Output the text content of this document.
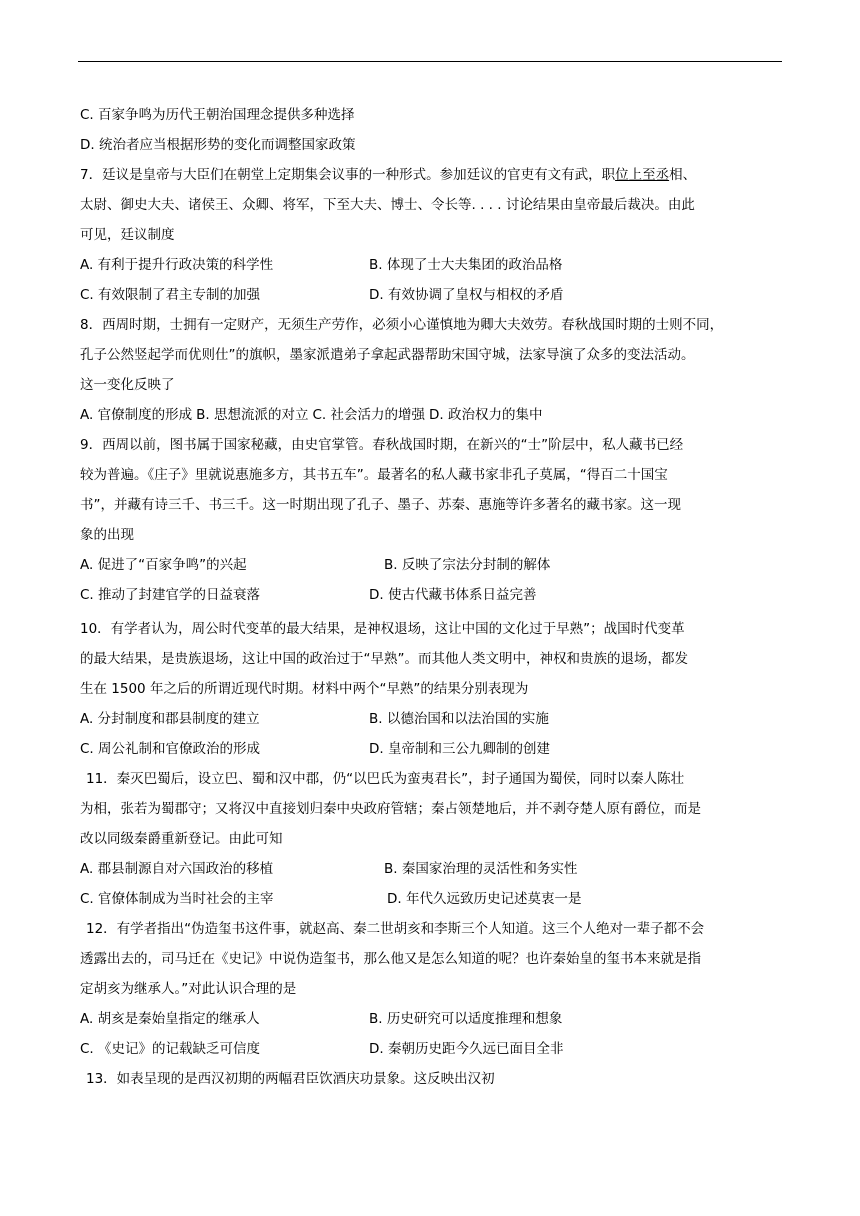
C. 百家争鸣为历代王朝治国理念提供多种选择
D. 统治者应当根据形势的变化而调整国家政策
7．廷议是皇帝与大臣们在朝堂上定期集会议事的一种形式。参加廷议的官吏有文有武，职位上至丞相、
太尉、御史大夫、诸侯王、众卿、将军，下至大夫、博士、令长等. . . . 讨论结果由皇帝最后裁决。由此
可见，廷议制度
A. 有利于提升行政决策的科学性	B. 体现了士大夫集团的政治品格
C. 有效限制了君主专制的加强	D. 有效协调了皇权与相权的矛盾
8．西周时期，士拥有一定财产，无须生产劳作，必须小心谨慎地为卿大夫效劳。春秋战国时期的士则不同，
孔子公然竖起学而优则仕”的旗帜，墨家派遣弟子拿起武器帮助宋国守城，法家导演了众多的变法活动。
这一变化反映了
A. 官僚制度的形成 B. 思想流派的对立 C. 社会活力的增强 D. 政治权力的集中
9．西周以前，图书属于国家秘藏，由史官掌管。春秋战国时期，在新兴的“士”阶层中，私人藏书已经
较为普遍。《庄子》里就说惠施多方，其书五车”。最著名的私人藏书家非孔子莫属，“得百二十国宝
书”，并藏有诗三千、书三千。这一时期出现了孔子、墨子、苏秦、惠施等许多著名的藏书家。这一现
象的出现
A. 促进了“百家争鸣”的兴起	B. 反映了宗法分封制的解体
C. 推动了封建官学的日益衰落	D. 使古代藏书体系日益完善
10．有学者认为，周公时代变革的最大结果，是神权退场，这让中国的文化过于早熟”；战国时代变革
的最大结果，是贵族退场，这让中国的政治过于“早熟”。而其他人类文明中，神权和贵族的退场，都发
生在 1500 年之后的所谓近现代时期。材料中两个“早熟”的结果分别表现为
A. 分封制度和郡县制度的建立	B. 以德治国和以法治国的实施
C. 周公礼制和官僚政治的形成	D. 皇帝制和三公九卿制的创建
11．秦灭巴蜀后，设立巴、蜀和汉中郡，仍“以巴氏为蛮夷君长”，封子通国为蜀侯，同时以秦人陈壮
为相，张若为蜀郡守；又将汉中直接划归秦中央政府管辖；秦占领楚地后，并不剥夺楚人原有爵位，而是
改以同级秦爵重新登记。由此可知
A. 郡县制源自对六国政治的移植	B. 秦国家治理的灵活性和务实性
C. 官僚体制成为当时社会的主宰	D. 年代久远致历史记述莫衷一是
12．有学者指出“伪造玺书这件事，就赵高、秦二世胡亥和李斯三个人知道。这三个人绝对一辈子都不会
透露出去的，司马迁在《史记》中说伪造玺书，那么他又是怎么知道的呢？也许秦始皇的玺书本来就是指
定胡亥为继承人。”对此认识合理的是
A. 胡亥是秦始皇指定的继承人	B. 历史研究可以适度推理和想象
C. 《史记》的记载缺乏可信度	D. 秦朝历史距今久远已面目全非
13．如表呈现的是西汉初期的两幅君臣饮酒庆功景象。这反映出汉初
